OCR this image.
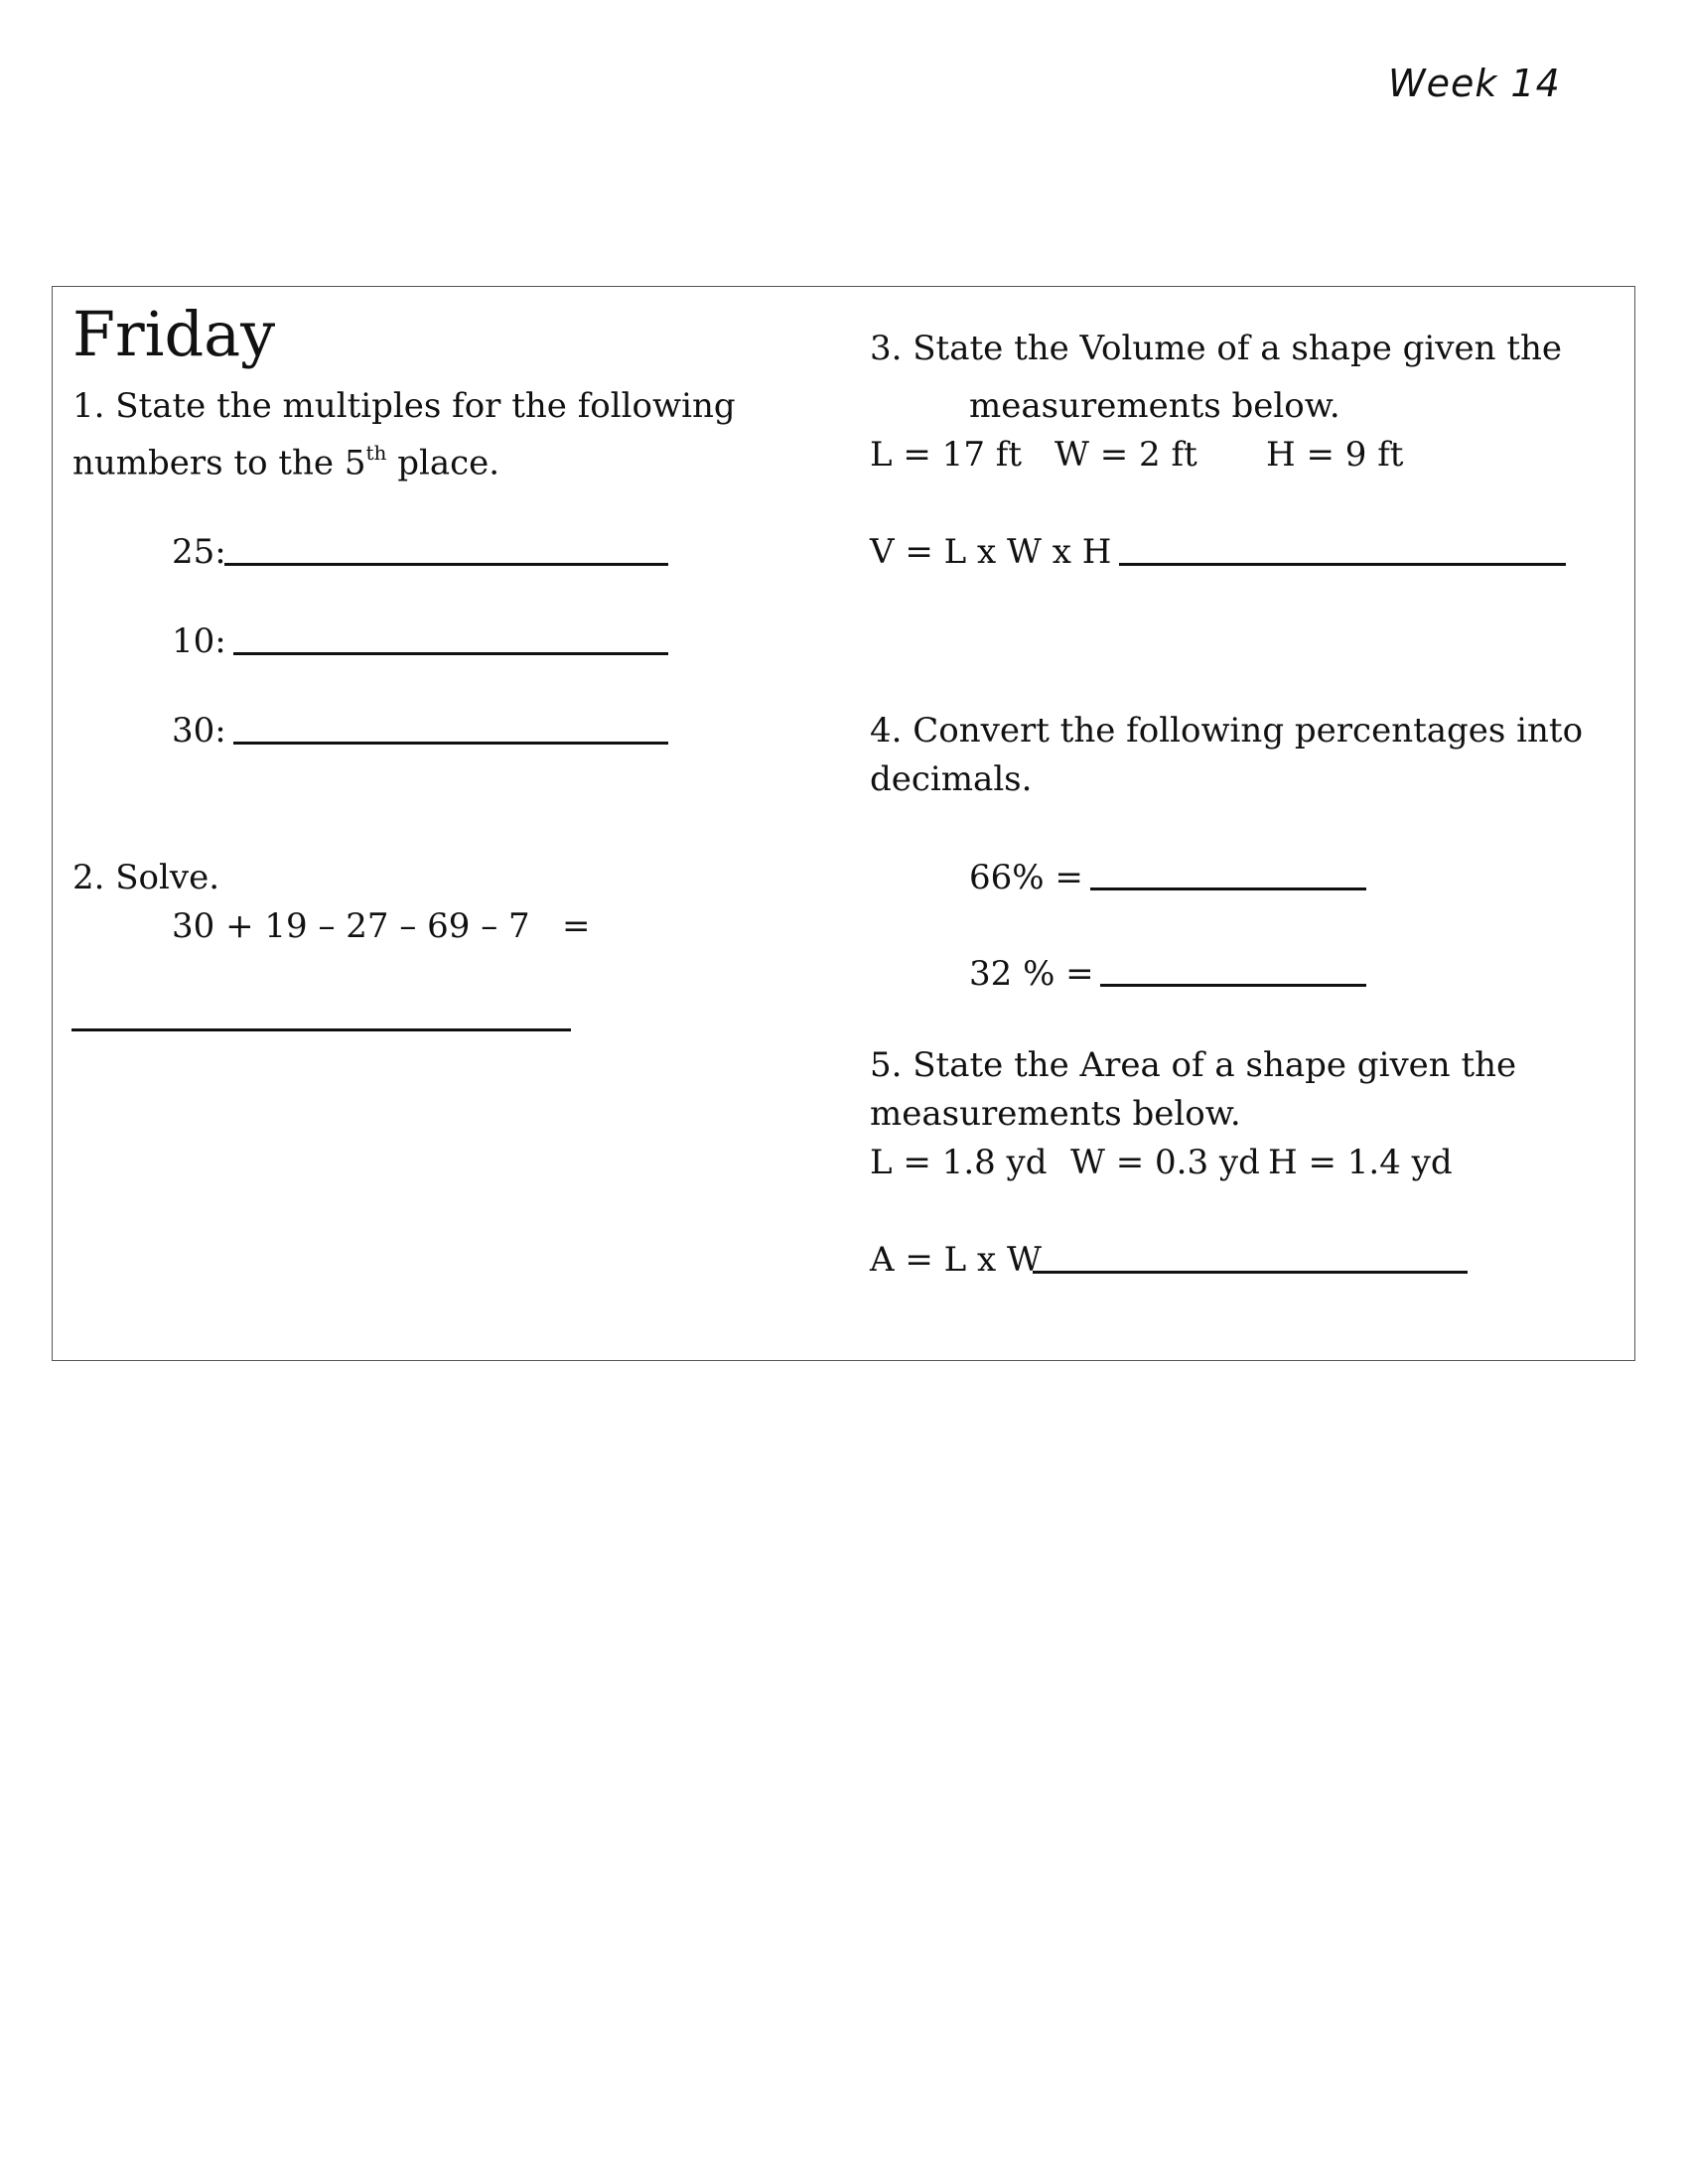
Week 14
Friday
1. State the multiples for the following
numbers to the 5th place.
25:
10:
30:
2. Solve.
30 + 19 – 27 – 69 – 7   =
3. State the Volume of a shape given the
measurements below.
L = 17 ft W = 2 ft H = 9 ft
V = L x W x H
4. Convert the following percentages into
decimals.
66% =
32 % =
5. State the Area of a shape given the
measurements below.
L = 1.8 yd W = 0.3 yd H = 1.4 yd
A = L x W
